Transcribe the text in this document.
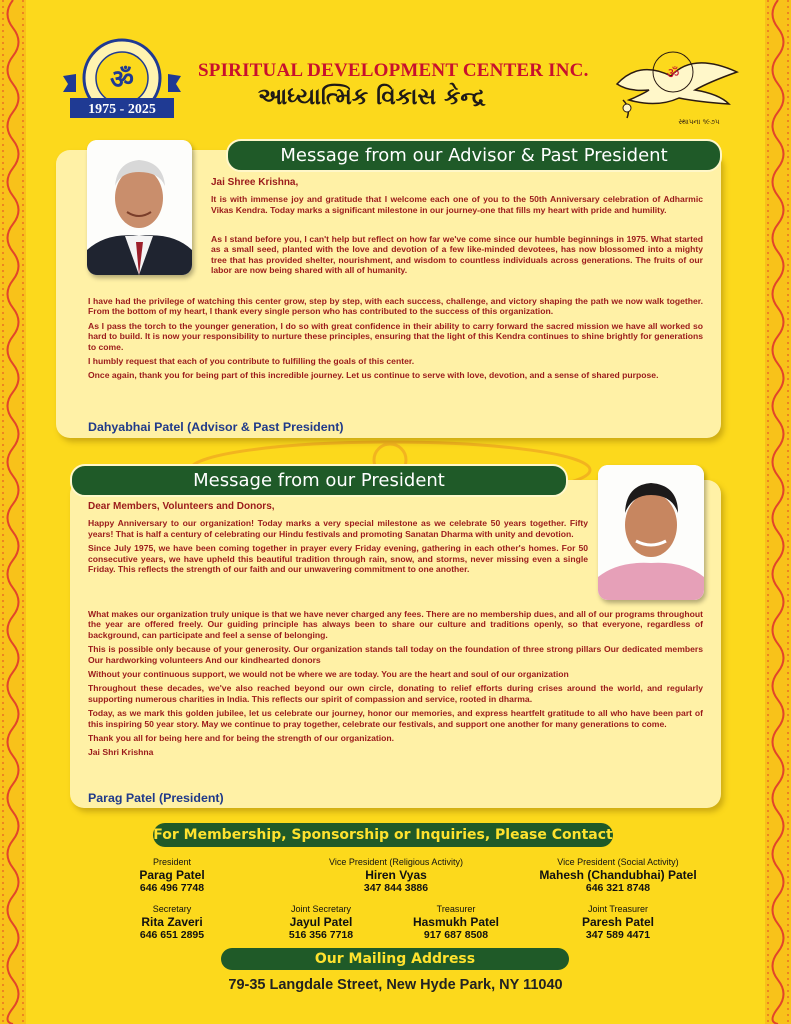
ॐ
1975 - 2025
SPIRITUAL DEVELOPMENT CENTER INC.
આધ્યાત્મિક વિકાસ કેન્દ્ર
ॐ
સ્થાપના ૧૯૭૫
Message from our Advisor & Past President

Jai Shree Krishna,

It is with immense joy and gratitude that I welcome each one of you to the 50th Anniversary celebration of Adharmic Vikas Kendra. Today marks a significant milestone in our journey-one that fills my heart with pride and humility.

As I stand before you, I can't help but reflect on how far we've come since our humble beginnings in 1975. What started as a small seed, planted with the love and devotion of a few like-minded devotees, has now blossomed into a mighty tree that has provided shelter, nourishment, and wisdom to countless individuals across generations. The fruits of our labor are now being shared with all of humanity.

I have had the privilege of watching this center grow, step by step, with each success, challenge, and victory shaping the path we now walk together. From the bottom of my heart, I thank every single person who has contributed to the success of this organization.

As I pass the torch to the younger generation, I do so with great confidence in their ability to carry forward the sacred mission we have all worked so hard to build. It is now your responsibility to nurture these principles, ensuring that the light of this Kendra continues to shine brightly for generations to come.

I humbly request that each of you contribute to fulfilling the goals of this center.

Once again, thank you for being part of this incredible journey. Let us continue to serve with love, devotion, and a sense of shared purpose.

Dahyabhai Patel (Advisor & Past President)
Message from our President

Dear Members, Volunteers and Donors,

Happy Anniversary to our organization! Today marks a very special milestone as we celebrate 50 years together. Fifty years! That is half a century of celebrating our Hindu festivals and promoting Sanatan Dharma with unity and devotion.

Since July 1975, we have been coming together in prayer every Friday evening, gathering in each other's homes. For 50 consecutive years, we have upheld this beautiful tradition through rain, snow, and storms, never missing even a single Friday. This reflects the strength of our faith and our unwavering commitment to one another.

What makes our organization truly unique is that we have never charged any fees. There are no membership dues, and all of our programs throughout the year are offered freely. Our guiding principle has always been to share our culture and traditions openly, so that everyone, regardless of background, can participate and feel a sense of belonging.

This is possible only because of your generosity. Our organization stands tall today on the foundation of three strong pillars Our dedicated members Our hardworking volunteers And our kindhearted donors

Without your continuous support, we would not be where we are today. You are the heart and soul of our organization

Throughout these decades, we've also reached beyond our own circle, donating to relief efforts during crises around the world, and regularly supporting numerous charities in India. This reflects our spirit of compassion and service, rooted in dharma.

Today, as we mark this golden jubilee, let us celebrate our journey, honor our memories, and express heartfelt gratitude to all who have been part of this inspiring 50 year story. May we continue to pray together, celebrate our festivals, and support one another for many generations to come.

Thank you all for being here and for being the strength of our organization.

Jai Shri Krishna

Parag Patel (President)
For Membership, Sponsorship or Inquiries, Please Contact
President
Parag Patel
646 496 7748
Vice President (Religious Activity)
Hiren Vyas
347 844 3886
Vice President (Social Activity)
Mahesh (Chandubhai) Patel
646 321 8748
Secretary
Rita Zaveri
646 651 2895
Joint Secretary
Jayul Patel
516 356 7718
Treasurer
Hasmukh Patel
917 687 8508
Joint Treasurer
Paresh Patel
347 589 4471
Our Mailing Address
79-35 Langdale Street, New Hyde Park, NY 11040
